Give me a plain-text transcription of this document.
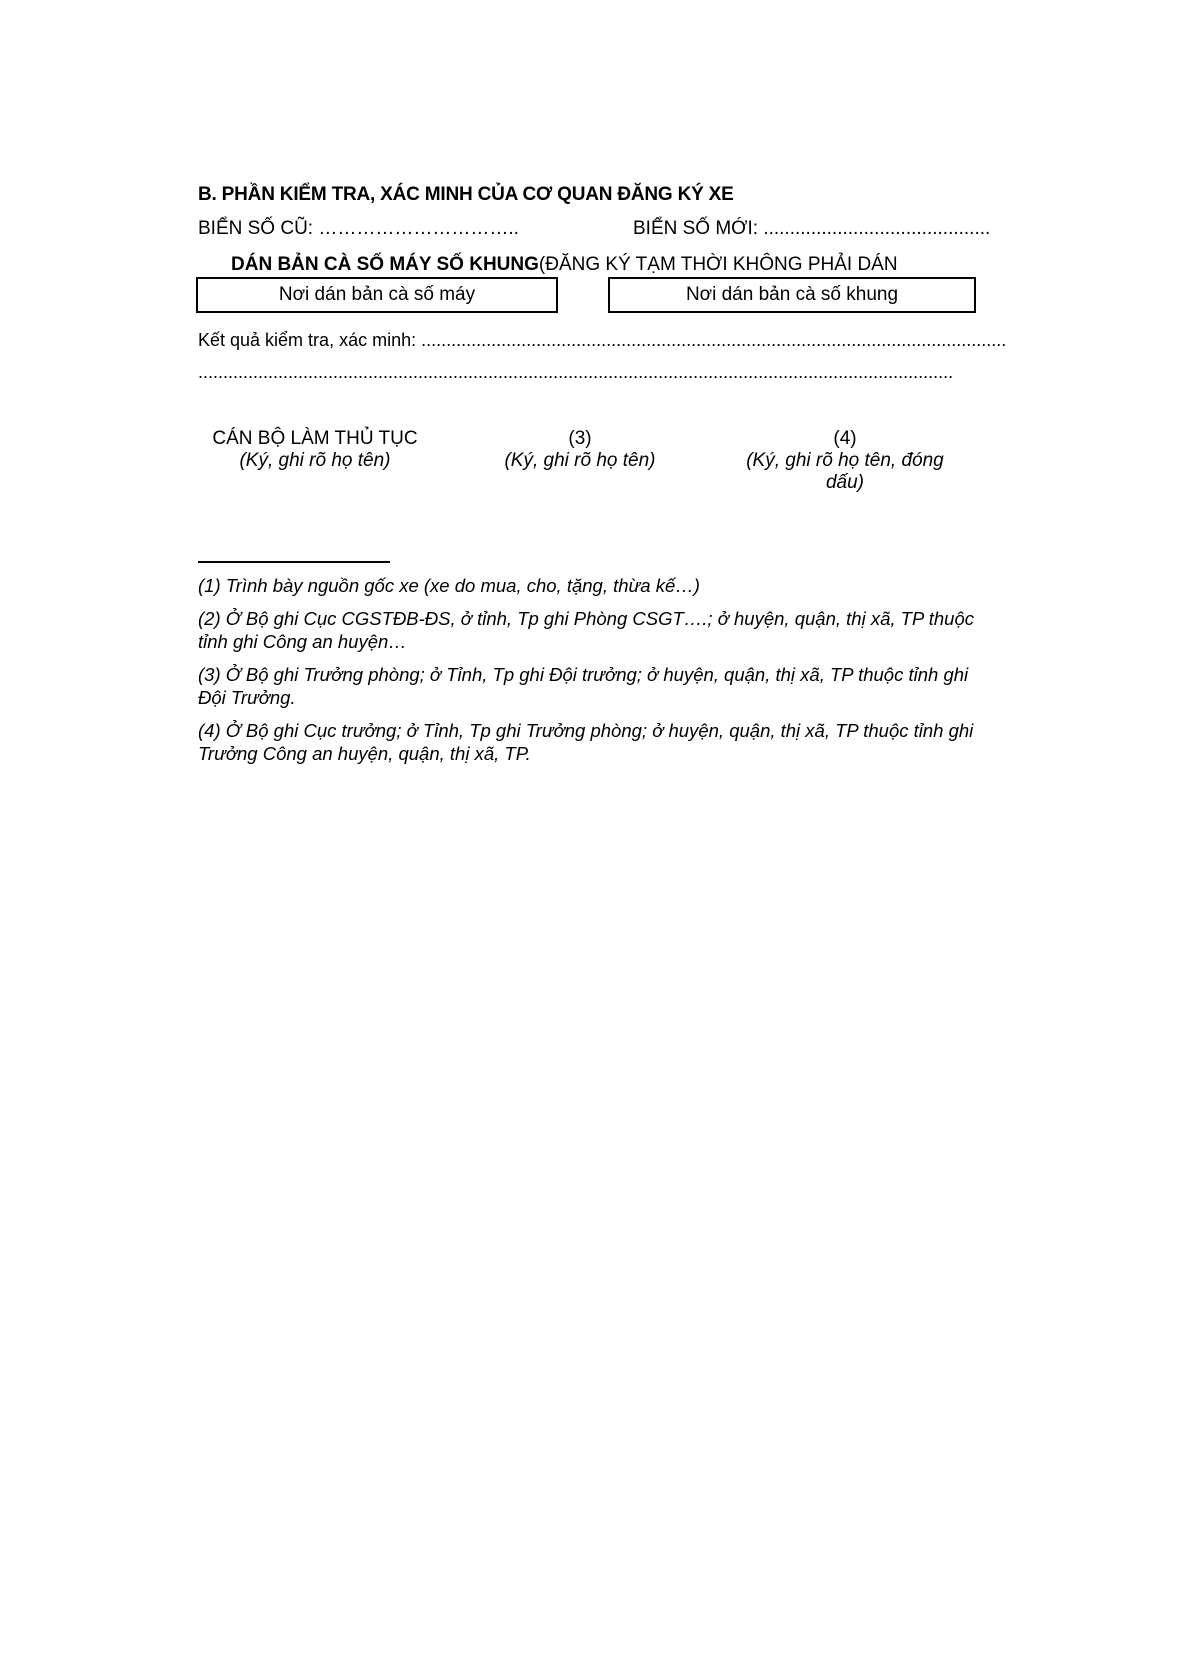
B. PHẦN KIỂM TRA, XÁC MINH CỦA CƠ QUAN ĐĂNG KÝ XE
BIỂN SỐ CŨ: …………………………..	BIỂN SỐ MỚI: ...........................................
DÁN BẢN CÀ SỐ MÁY SỐ KHUNG(ĐĂNG KÝ TẠM THỜI KHÔNG PHẢI DÁN
Nơi dán bản cà số máy	Nơi dán bản cà số khung
Kết quả kiểm tra, xác minh: .....................................................................................................................
.......................................................................................................................................................
CÁN BỘ LÀM THỦ TỤC
(Ký, ghi rõ họ tên)
(3)
(Ký, ghi rõ họ tên)
(4)
(Ký, ghi rõ họ tên, đóng dấu)

(1) Trình bày nguồn gốc xe (xe do mua, cho, tặng, thừa kế…)

(2) Ở Bộ ghi Cục CGSTĐB-ĐS, ở tỉnh, Tp ghi Phòng CSGT….; ở huyện, quận, thị xã, TP thuộc tỉnh ghi Công an huyện…

(3) Ở Bộ ghi Trưởng phòng; ở Tỉnh, Tp ghi Đội trưởng; ở huyện, quận, thị xã, TP thuộc tỉnh ghi Đội Trưởng.

(4) Ở Bộ ghi Cục trưởng; ở Tỉnh, Tp ghi Trưởng phòng; ở huyện, quận, thị xã, TP thuộc tỉnh ghi Trưởng Công an huyện, quận, thị xã, TP.
